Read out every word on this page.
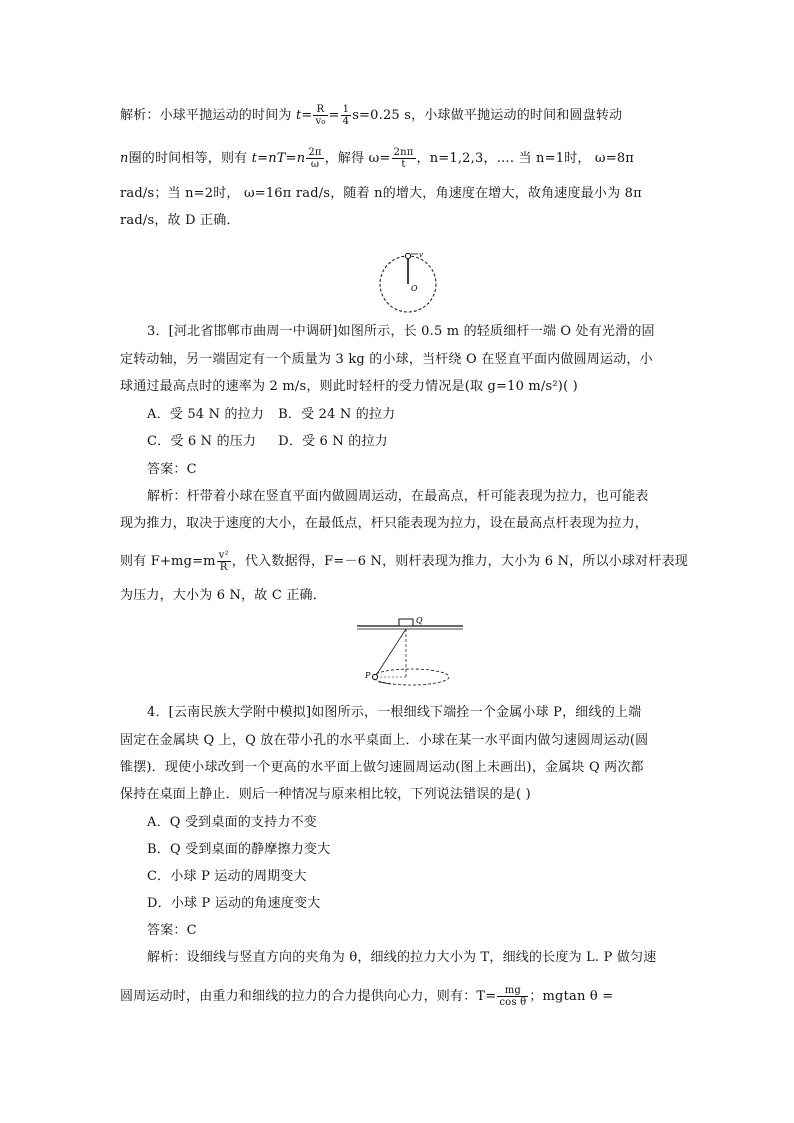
解析：小球平抛运动的时间为 $t= \frac{R}{\text{v₀}} = \frac{1}{4} s=0.25$ s，小球做平抛运动的时间和圆盘转动
n圈的时间相等，则有 $t=nT=n \frac{2\pi}{\omega}$ ，解得 $\omega= \frac{2n\pi}{t}$ ，n=1,2,3，…. 当 n=1时， ω=8π
rad/s；当 n=2时， ω=16π rad/s，随着 n的增大，角速度在增大，故角速度最小为 8π
rad/s，故 D 正确．
v
O
3．[河北省邯郸市曲周一中调研]如图所示，长 0.5 m 的轻质细杆一端 O 处有光滑的固
定转动轴，另一端固定有一个质量为 3 kg 的小球，当杆绕 O 在竖直平面内做圆周运动，小
球通过最高点时的速率为 2 m/s，则此时轻杆的受力情况是(取 g=10 m/s²)( )
A．受 54 N 的拉力 B．受 24 N 的拉力
C．受 6 N 的压力 D．受 6 N 的拉力
答案：C
解析：杆带着小球在竖直平面内做圆周运动，在最高点，杆可能表现为拉力，也可能表
现为推力，取决于速度的大小，在最低点，杆只能表现为拉力，设在最高点杆表现为拉力，
则有 $F+mg=m \frac{\text{v²}}{R}$ ，代入数据得，F=－6 N，则杆表现为推力，大小为 6 N，所以小球对杆表现
为压力，大小为 6 N，故 C 正确．
Q
P
4．[云南民族大学附中模拟]如图所示，一根细线下端拴一个金属小球 P，细线的上端
固定在金属块 Q 上，Q 放在带小孔的水平桌面上．小球在某一水平面内做匀速圆周运动(圆
锥摆)．现使小球改到一个更高的水平面上做匀速圆周运动(图上未画出)，金属块 Q 两次都
保持在桌面上静止．则后一种情况与原来相比较，下列说法错误的是( )
A．Q 受到桌面的支持力不变
B．Q 受到桌面的静摩擦力变大
C．小球 P 运动的周期变大
D．小球 P 运动的角速度变大
答案：C
解析：设细线与竖直方向的夹角为 θ，细线的拉力大小为 T，细线的长度为 L. P 做匀速
圆周运动时，由重力和细线的拉力的合力提供向心力，则有：$T= \frac{mg}{\text{cos θ}}$ ；mgtan θ =
